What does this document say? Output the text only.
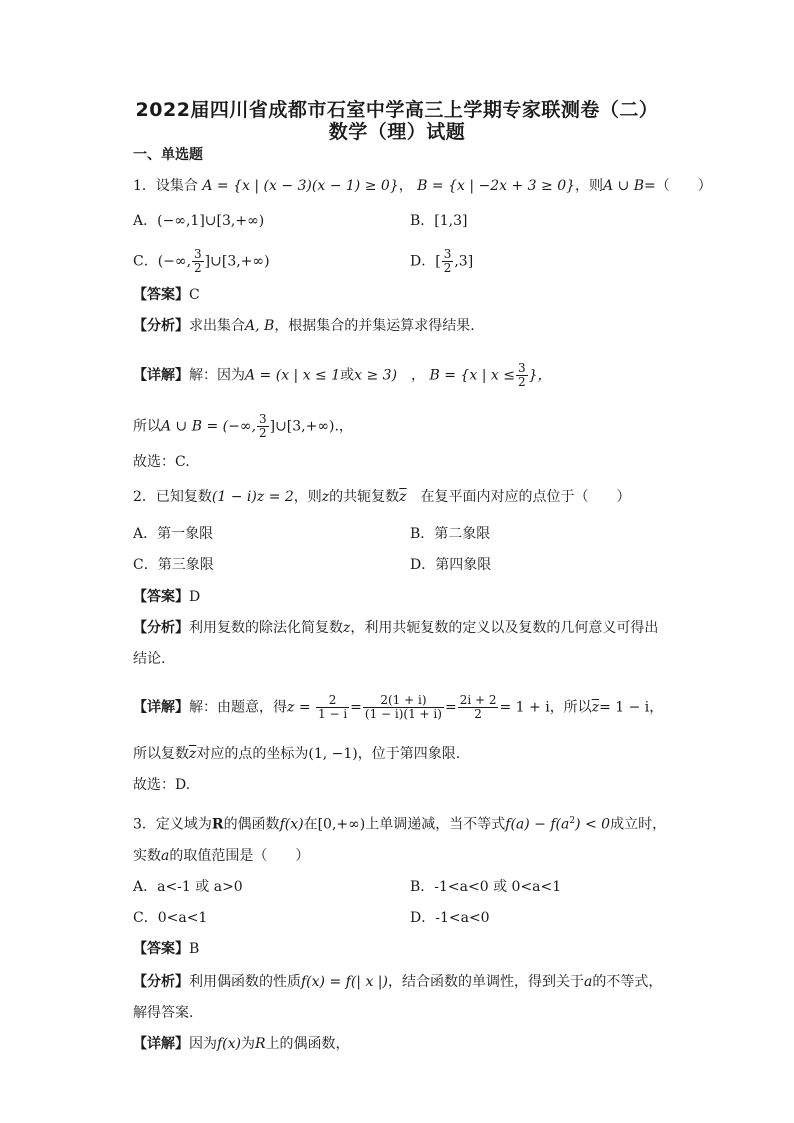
2022届四川省成都市石室中学高三上学期专家联测卷（二）
数学（理）试题
一、单选题
1．设集合 A = {x | (x − 3)(x − 1) ≥ 0}， B = {x | −2x + 3 ≥ 0}，则A ∪ B=（　　）
A．(−∞,1]∪[3,+∞)	B．[1,3]
C．(−∞, $\frac{3}{2}$ ]∪[3,+∞)	D．[ $\frac{3}{2} ,3$]
【答案】C
【分析】求出集合A, B，根据集合的并集运算求得结果.
【详解】解：因为A = (x | x ≤ 1或x ≥ 3)　， B = {x | $x \le \frac{3}{2}$ }，
所以A ∪ B = (−∞, $\frac{3}{2}$ ]∪[3,+∞).，
故选：C.
2．已知复数(1 − i)z = 2，则z的共轭复数$\overline{z}$　在复平面内对应的点位于（　　）
A．第一象限	B．第二象限
C．第三象限	D．第四象限
【答案】D
【分析】利用复数的除法化简复数z，利用共轭复数的定义以及复数的几何意义可得出
结论.
【详解】解：由题意，得$z = \frac{2}{1 - i} = \frac{2(1 + i)}{(1 - i)(1 + i)} = \frac{2i + 2}{2} = 1 + i$，所以$\overline{z}= 1 - i$，
所以复数$\overline{z}$对应的点的坐标为(1, −1)，位于第四象限.
故选：D.
3．定义域为R的偶函数f(x)在[0,+∞)上单调递减，当不等式$f(a) - f(a^2) < 0$成立时，
实数a的取值范围是（　　）
A．a<-1 或 a>0	B．-1<a<0 或 0<a<1
C．0<a<1	D．-1<a<0
【答案】B
【分析】利用偶函数的性质f(x) = f(| x |)，结合函数的单调性，得到关于a的不等式，
解得答案.
【详解】因为f(x)为R上的偶函数，
